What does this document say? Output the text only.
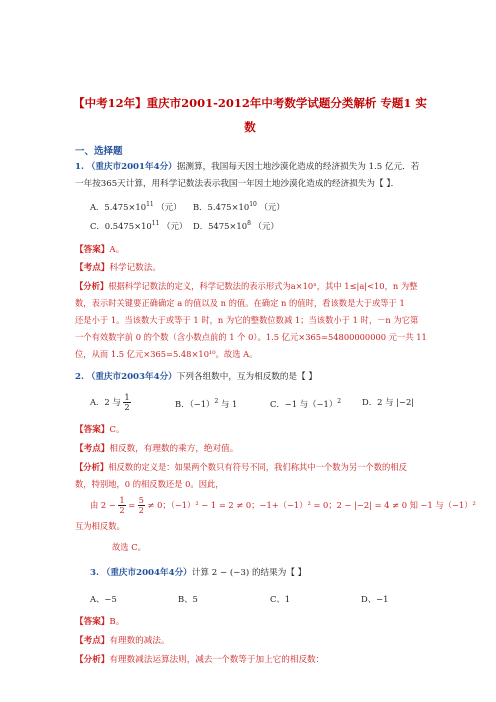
【中考12年】重庆市2001-2012年中考数学试题分类解析 专题1 实
数
一、选择题
1. （重庆市2001年4分）据测算，我国每天因土地沙漠化造成的经济损失为 1.5 亿元．若
一年按365天计算，用科学记数法表示我国一年因土地沙漠化造成的经济损失为【 】．
A．$5.475\times 10^{11}$ （元） B．$5.475\times 10^{10}$ （元）
C．$0.5475\times 10^{11}$ （元） D．$5475\times 10^8$ （元）
【答案】A。
【考点】科学记数法。
【分析】根据科学记数法的定义，科学记数法的表示形式为a×10ⁿ，其中 1≤|a|<10，n 为整
数，表示时关键要正确确定 a 的值以及 n 的值。在确定 n 的值时，看该数是大于或等于 1
还是小于 1。当该数大于或等于 1 时，n 为它的整数位数减 1；当该数小于 1 时，－n 为它第
一个有效数字前 0 的个数（含小数点前的 1 个 0）。1.5 亿元×365=54800000000 元一共 11
位，从而 1.5 亿元×365=5.48×10¹⁰。故选 A。
2. （重庆市2003年4分）下列各组数中，互为相反数的是【 】
A．2 与 $\frac{1}{2}$	B．$(-1)^2$ 与 1	C．−1 与$(-1)^2$ D．2 与 |−2|
【答案】C。
【考点】相反数，有理数的乘方，绝对值。
【分析】相反数的定义是：如果两个数只有符号不同，我们称其中一个数为另一个数的相反
数，特别地，0 的相反数还是 0。因此，
由 $2 - \frac{1}{2} = \frac{5}{2} \ne 0$；（−1）² − 1 = 2 ≠ 0；−1+（−1）² = 0；2 − |−2| = 4 ≠ 0 知 −1 与（−1）²
互为相反数。
故选 C。
3. （重庆市2004年4分）计算 2 − (−3) 的结果为【 】
A、−5	B、5	C、1	D、−1
【答案】B。
【考点】有理数的减法。
【分析】有理数减法运算法则，减去一个数等于加上它的相反数：
